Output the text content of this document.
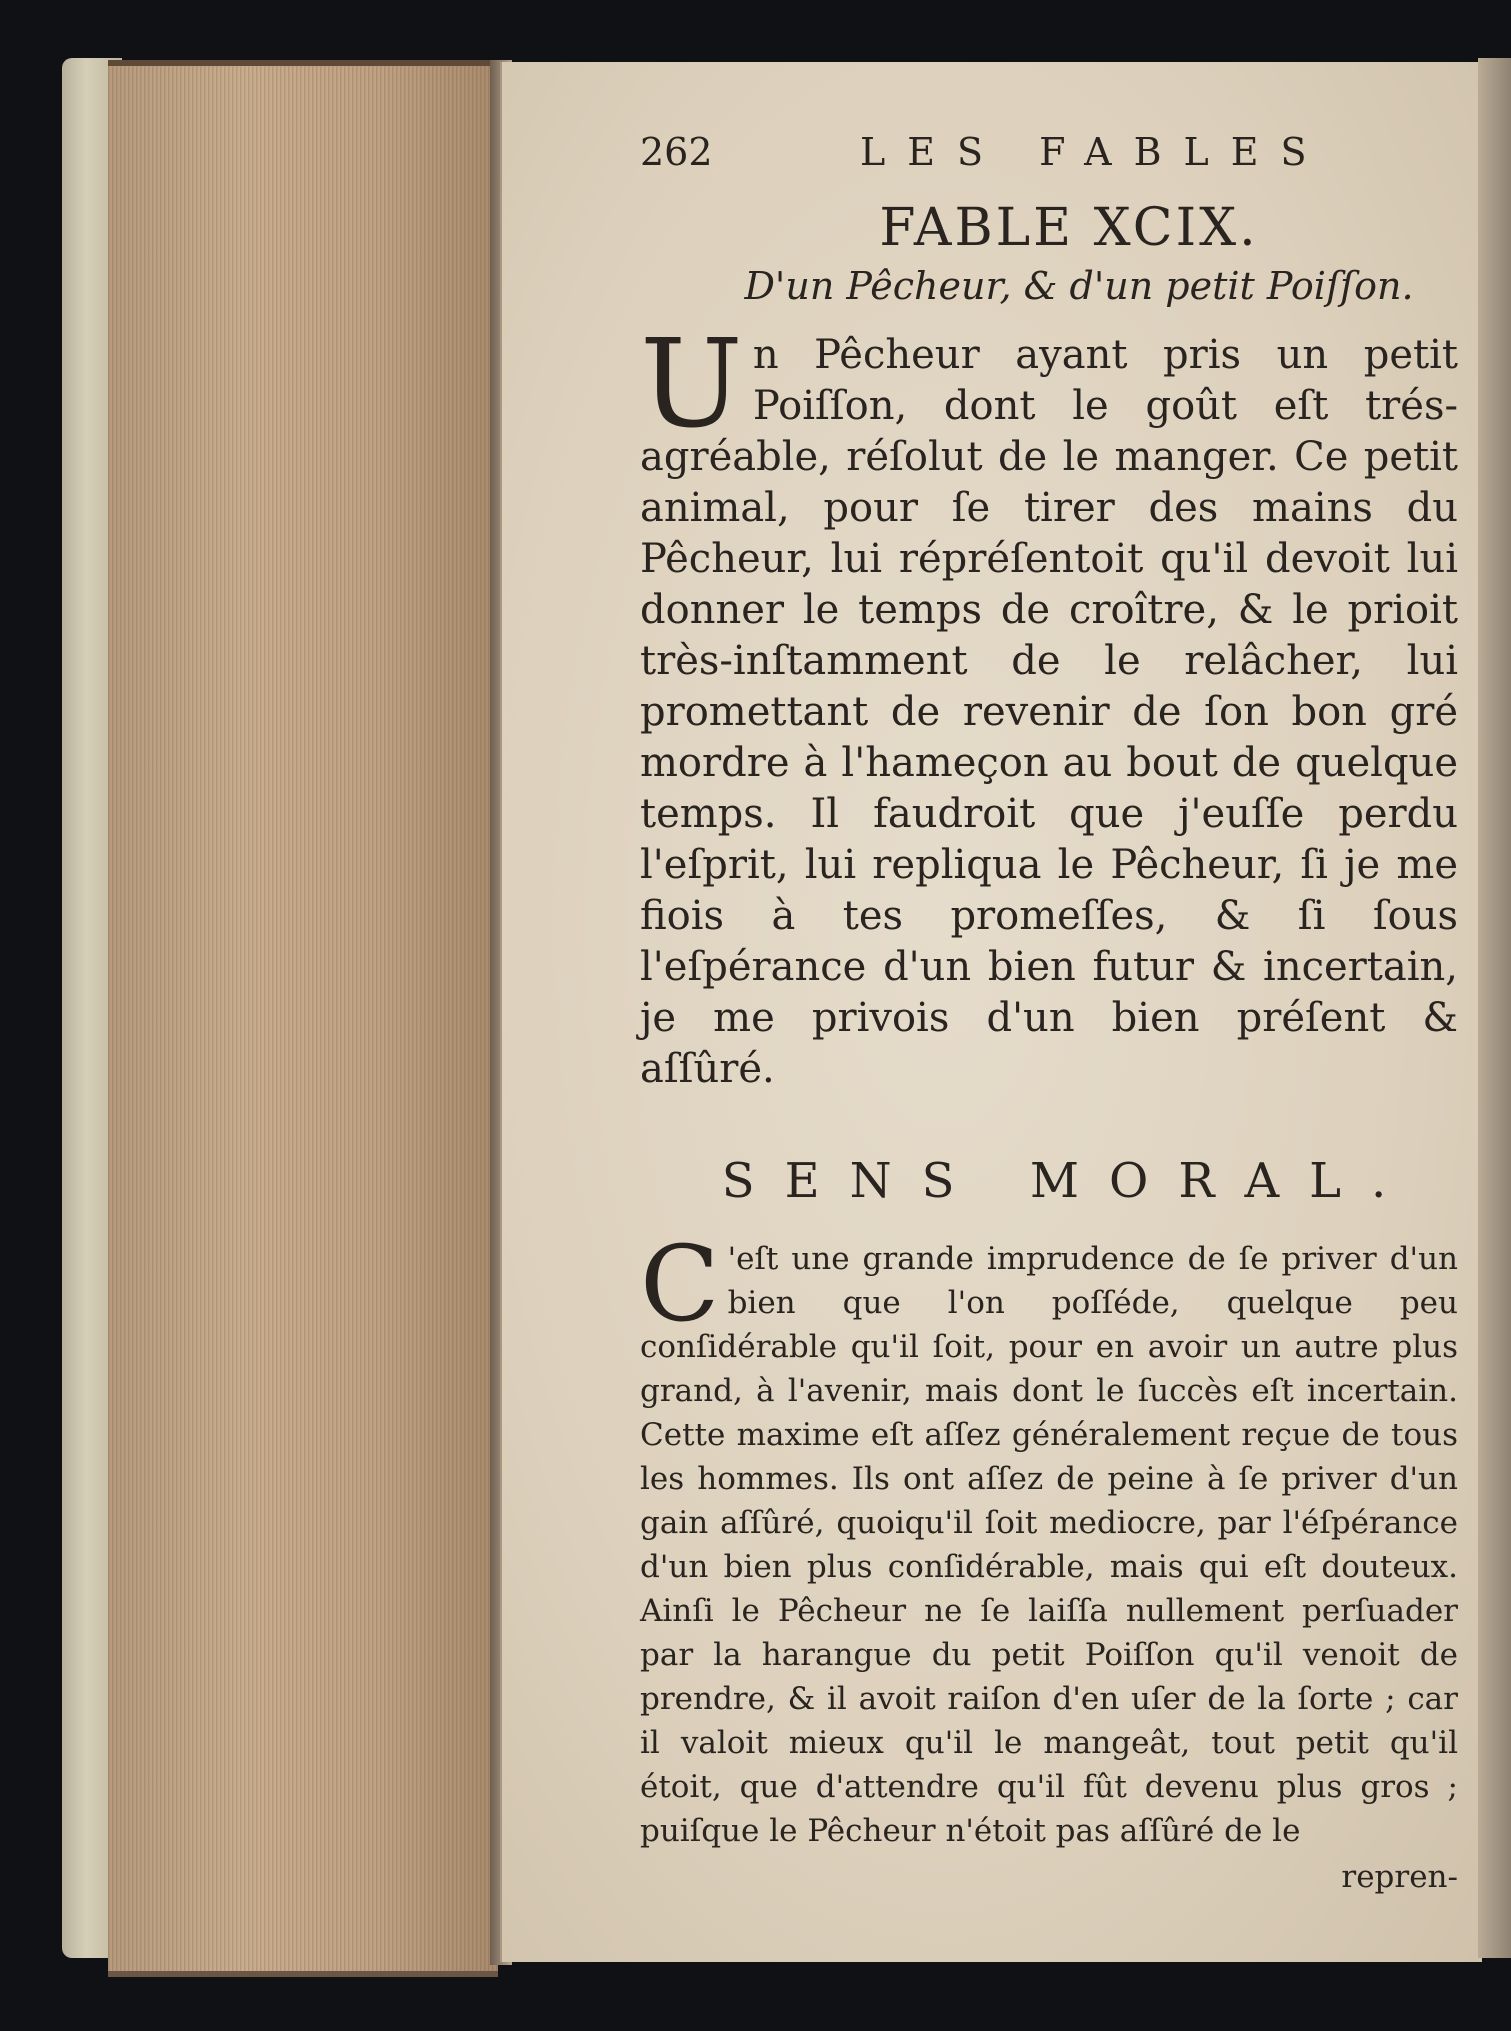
262	LES FABLES
FABLE XCIX.
D'un Pêcheur, & d'un petit Poiſſon.
U n Pêcheur ayant pris un petit Poiſſon, dont le goût eſt trés-agréable, réſolut de le manger. Ce petit animal, pour ſe tirer des mains du Pêcheur, lui répréſentoit qu'il devoit lui donner le temps de croître, & le prioit très-inſtamment de le relâcher, lui promettant de revenir de ſon bon gré mordre à l'hameçon au bout de quelque temps. Il faudroit que j'euſſe perdu l'eſprit, lui repliqua le Pêcheur, ſi je me fiois à tes promeſſes, & ſi ſous l'eſpérance d'un bien futur & incertain, je me privois d'un bien préſent & aſſûré.

SENS MORAL.
C 'eſt une grande imprudence de ſe priver d'un bien que l'on poſſéde, quelque peu conſidérable qu'il ſoit, pour en avoir un autre plus grand, à l'avenir, mais dont le ſuccès eſt incertain. Cette maxime eſt aſſez généralement reçue de tous les hommes. Ils ont aſſez de peine à ſe priver d'un gain aſſûré, quoiqu'il ſoit mediocre, par l'éſpérance d'un bien plus conſidérable, mais qui eſt douteux. Ainſi le Pêcheur ne ſe laiſſa nullement perſuader par la harangue du petit Poiſſon qu'il venoit de prendre, & il avoit raiſon d'en uſer de la ſorte ; car il valoit mieux qu'il le mangeât, tout petit qu'il étoit, que d'attendre qu'il fût devenu plus gros ; puiſque le Pêcheur n'étoit pas aſſûré de le

repren-
